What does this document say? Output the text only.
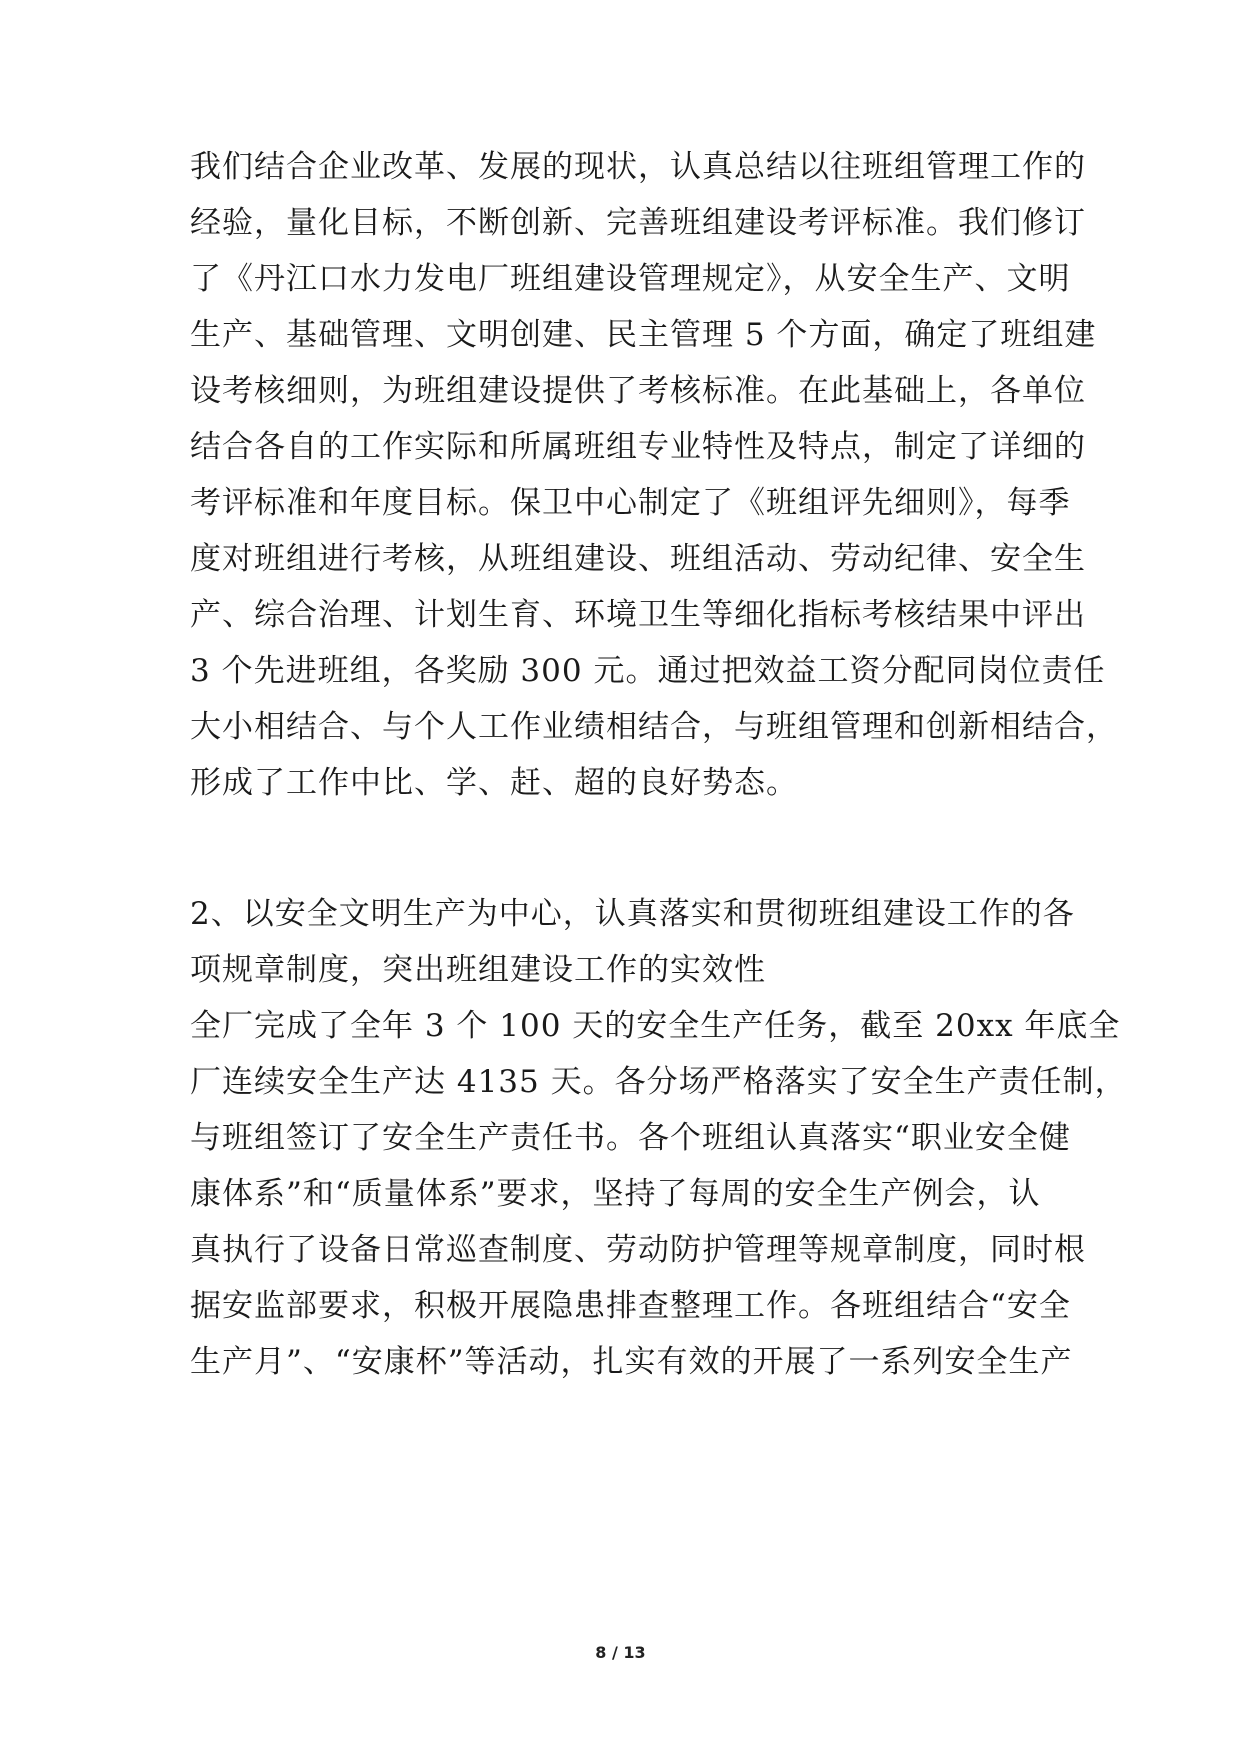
我们结合企业改革、发展的现状，认真总结以往班组管理工作的
经验，量化目标，不断创新、完善班组建设考评标准。我们修订
了《丹江口水力发电厂班组建设管理规定》，从安全生产、文明
生产、基础管理、文明创建、民主管理 5 个方面，确定了班组建
设考核细则，为班组建设提供了考核标准。在此基础上，各单位
结合各自的工作实际和所属班组专业特性及特点，制定了详细的
考评标准和年度目标。保卫中心制定了《班组评先细则》，每季
度对班组进行考核，从班组建设、班组活动、劳动纪律、安全生
产、综合治理、计划生育、环境卫生等细化指标考核结果中评出
3 个先进班组，各奖励 300 元。通过把效益工资分配同岗位责任
大小相结合、与个人工作业绩相结合，与班组管理和创新相结合，
形成了工作中比、学、赶、超的良好势态。
2、以安全文明生产为中心，认真落实和贯彻班组建设工作的各
项规章制度，突出班组建设工作的实效性
全厂完成了全年 3 个 100 天的安全生产任务，截至 20xx 年底全
厂连续安全生产达 4135 天。各分场严格落实了安全生产责任制，
与班组签订了安全生产责任书。各个班组认真落实“职业安全健
康体系”和“质量体系”要求，坚持了每周的安全生产例会，认
真执行了设备日常巡查制度、劳动防护管理等规章制度，同时根
据安监部要求，积极开展隐患排查整理工作。各班组结合“安全
生产月”、“安康杯”等活动，扎实有效的开展了一系列安全生产
8 / 13
